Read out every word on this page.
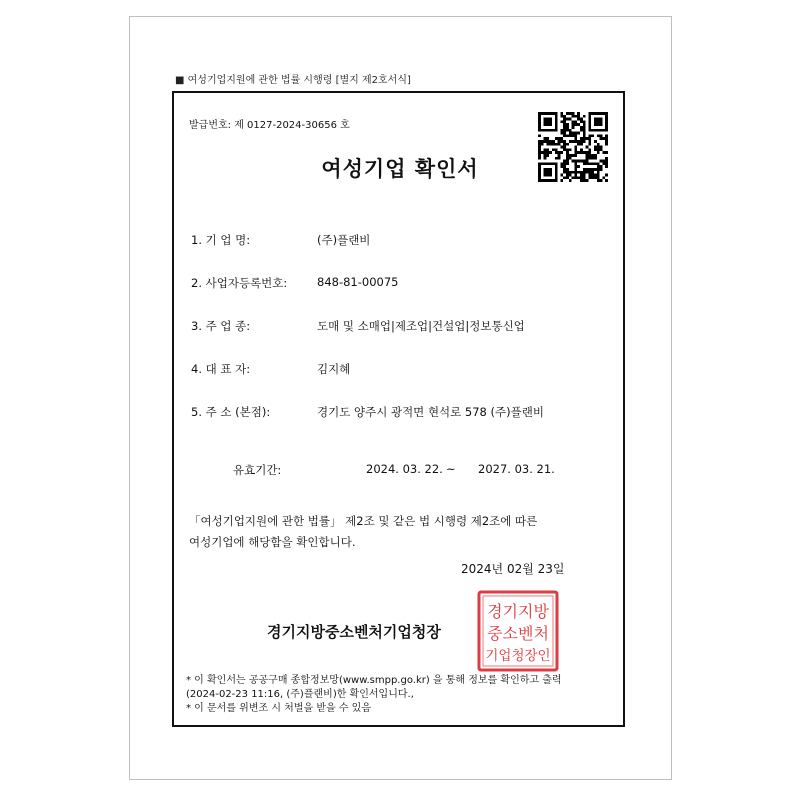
■ 여성기업지원에 관한 법률 시행령 [별지 제2호서식]
발급번호: 제 0127-2024-30656 호
여성기업 확인서
1. 기 업 명:	(주)플랜비
2. 사업자등록번호:	848-81-00075
3. 주 업 종:	도매 및 소매업|제조업|건설업|정보통신업
4. 대 표 자:	김지혜
5. 주 소 (본점):	경기도 양주시 광적면 현석로 578 (주)플랜비
유효기간:	2024. 03. 22. ~ 2027. 03. 21.
「여성기업지원에 관한 법률」 제2조 및 같은 법 시행령 제2조에 따른
여성기업에 해당함을 확인합니다.
2024년 02월 23일
경기지방중소벤처기업청장
경기지방
중소벤처
기업청장인
* 이 확인서는 공공구매 종합정보망(www.smpp.go.kr) 을 통해 정보를 확인하고 출력
(2024-02-23 11:16, (주)플랜비)한 확인서입니다.,
* 이 문서를 위변조 시 처벌을 받을 수 있음
